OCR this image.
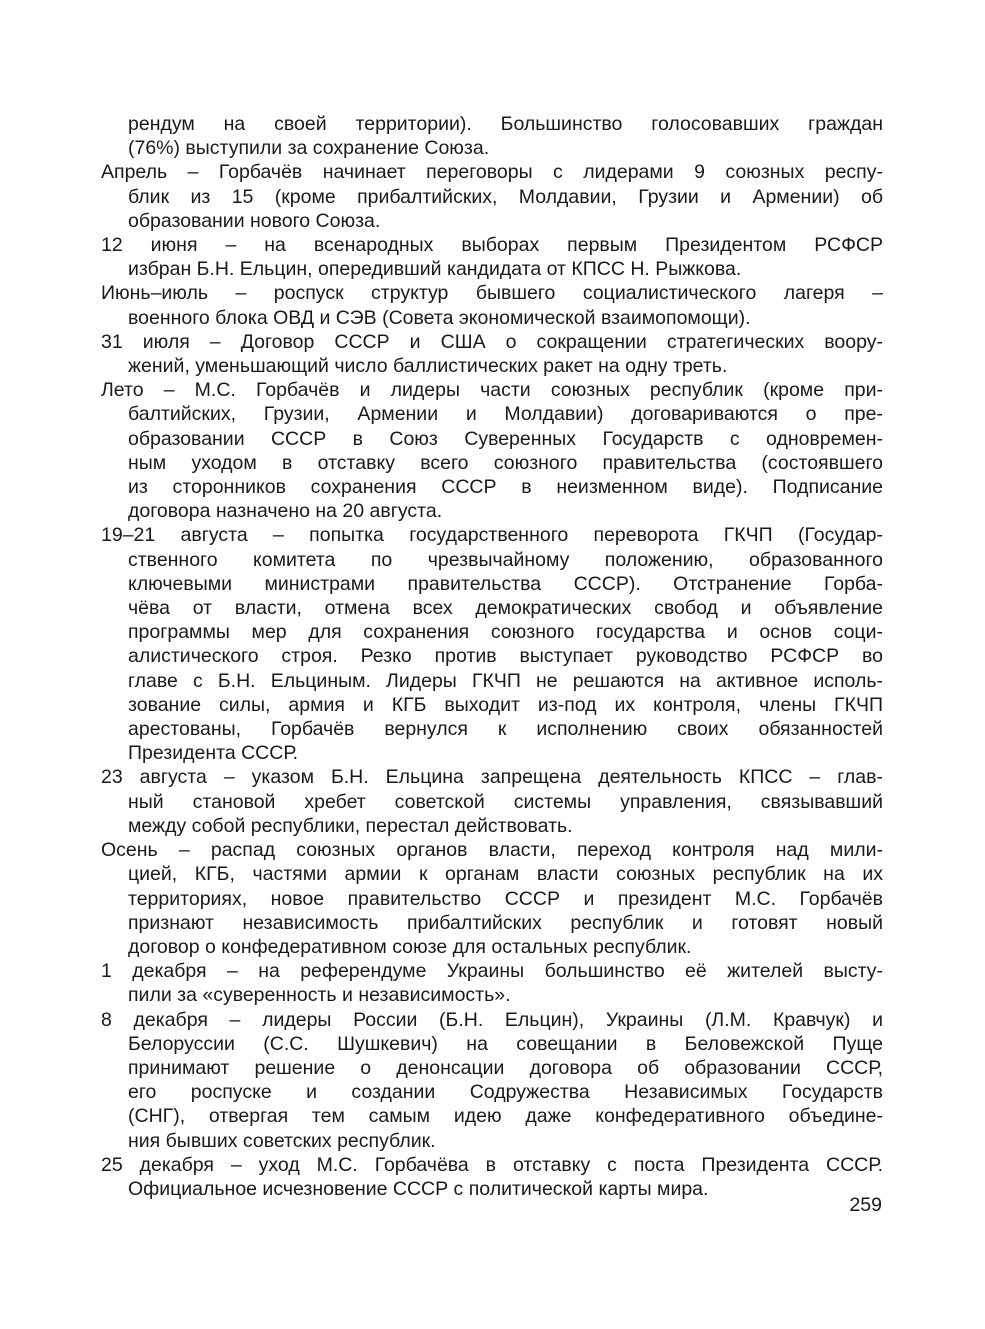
рендум на своей территории). Большинство голосовавших граждан
(76%) выступили за сохранение Союза.
Апрель – Горбачёв начинает переговоры с лидерами 9 союзных респу-
блик из 15 (кроме прибалтийских, Молдавии, Грузии и Армении) об
образовании нового Союза.
12 июня – на всенародных выборах первым Президентом РСФСР
избран Б.Н. Ельцин, опередивший кандидата от КПСС Н. Рыжкова.
Июнь–июль – роспуск структур бывшего социалистического лагеря –
военного блока ОВД и СЭВ (Совета экономической взаимопомощи).
31 июля – Договор СССР и США о сокращении стратегических воору-
жений, уменьшающий число баллистических ракет на одну треть.
Лето – М.С. Горбачёв и лидеры части союзных республик (кроме при-
балтийских, Грузии, Армении и Молдавии) договариваются о пре-
образовании СССР в Союз Суверенных Государств с одновремен-
ным уходом в отставку всего союзного правительства (состоявшего
из сторонников сохранения СССР в неизменном виде). Подписание
договора назначено на 20 августа.
19–21 августа – попытка государственного переворота ГКЧП (Государ-
ственного комитета по чрезвычайному положению, образованного
ключевыми министрами правительства СССР). Отстранение Горба-
чёва от власти, отмена всех демократических свобод и объявление
программы мер для сохранения союзного государства и основ соци-
алистического строя. Резко против выступает руководство РСФСР во
главе с Б.Н. Ельциным. Лидеры ГКЧП не решаются на активное исполь-
зование силы, армия и КГБ выходит из-под их контроля, члены ГКЧП
арестованы, Горбачёв вернулся к исполнению своих обязанностей
Президента СССР.
23 августа – указом Б.Н. Ельцина запрещена деятельность КПСС – глав-
ный становой хребет советской системы управления, связывавший
между собой республики, перестал действовать.
Осень – распад союзных органов власти, переход контроля над мили-
цией, КГБ, частями армии к органам власти союзных республик на их
территориях, новое правительство СССР и президент М.С. Горбачёв
признают независимость прибалтийских республик и готовят новый
договор о конфедеративном союзе для остальных республик.
1 декабря – на референдуме Украины большинство её жителей высту-
пили за «суверенность и независимость».
8 декабря – лидеры России (Б.Н. Ельцин), Украины (Л.М. Кравчук) и
Белоруссии (С.С. Шушкевич) на совещании в Беловежской Пуще
принимают решение о денонсации договора об образовании СССР,
его роспуске и создании Содружества Независимых Государств
(СНГ), отвергая тем самым идею даже конфедеративного объедине-
ния бывших советских республик.
25 декабря – уход М.С. Горбачёва в отставку с поста Президента СССР.
Официальное исчезновение СССР с политической карты мира.
259
